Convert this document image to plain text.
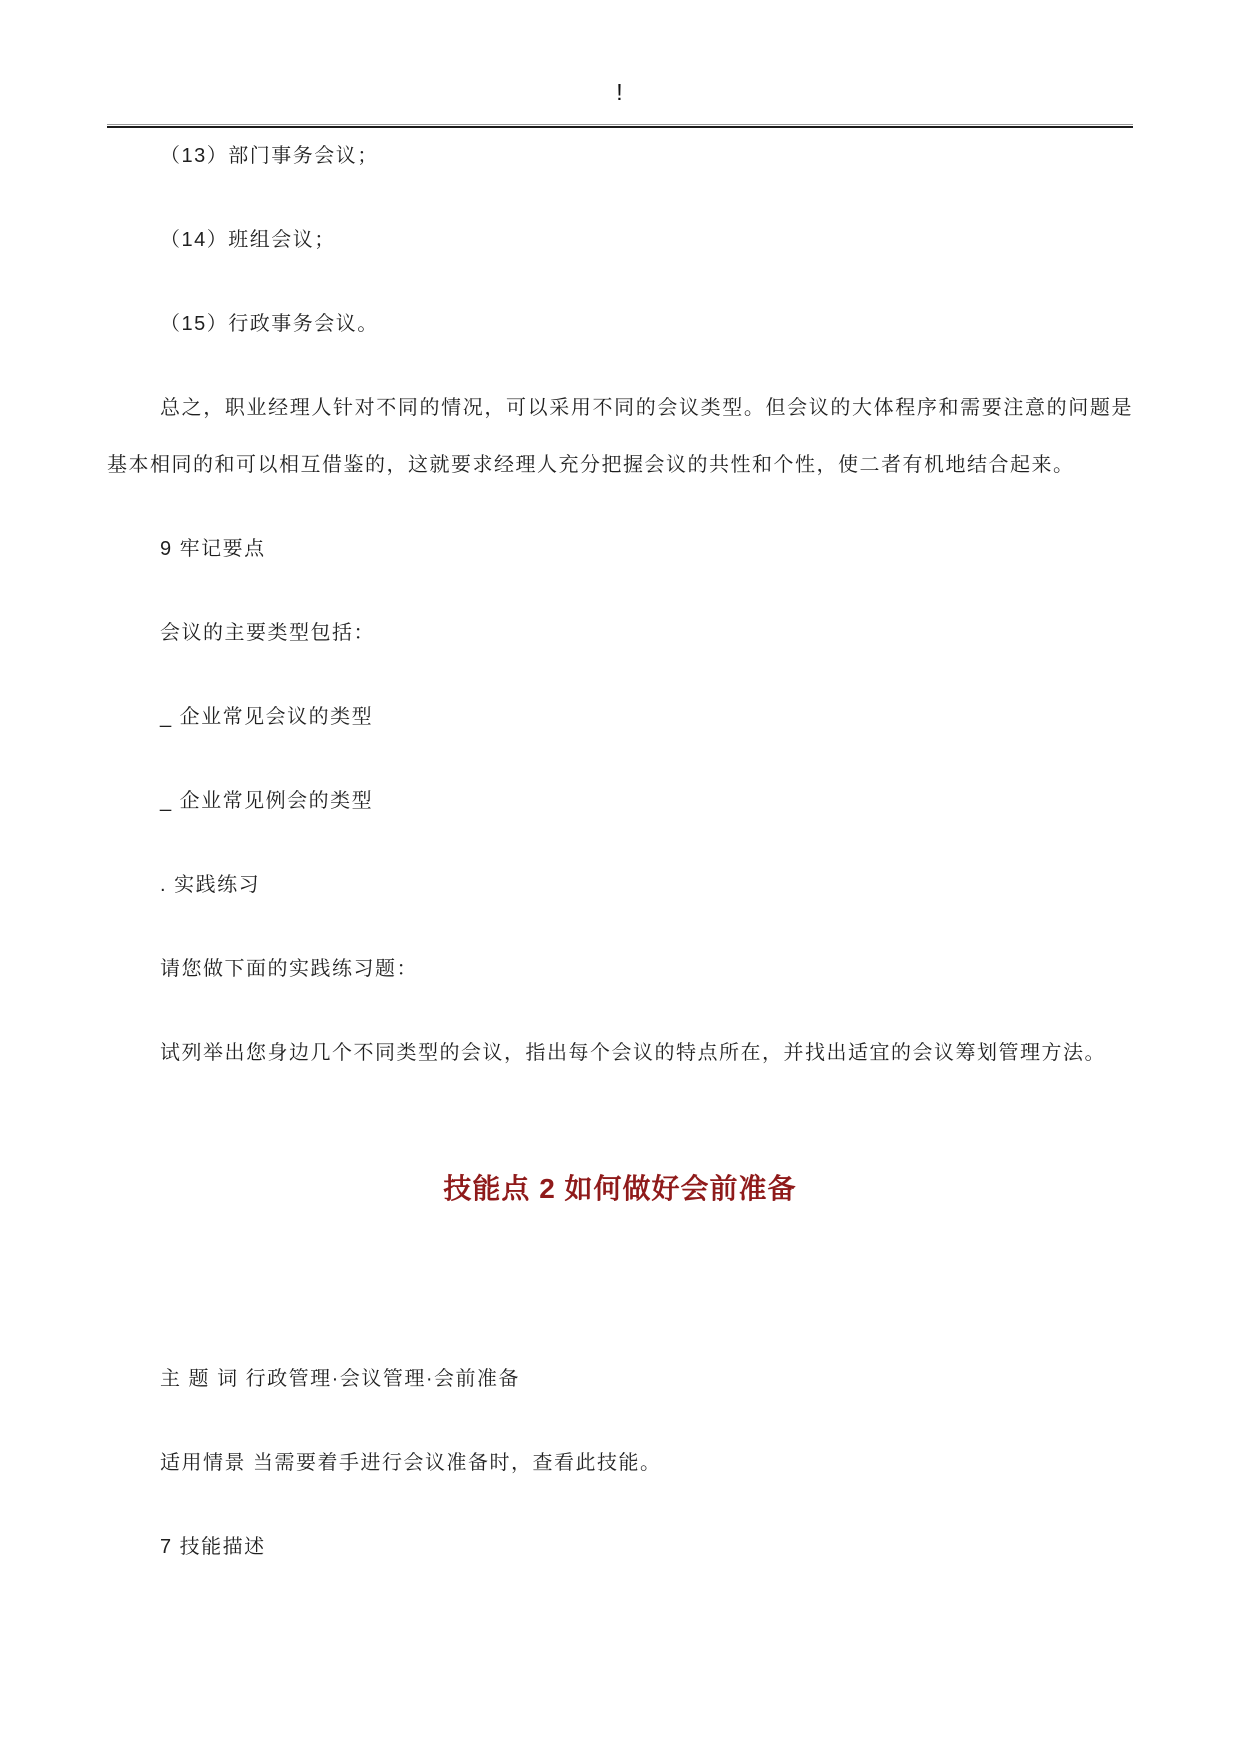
!

（13）部门事务会议；

（14）班组会议；

（15）行政事务会议。

总之，职业经理人针对不同的情况，可以采用不同的会议类型。但会议的大体程序和需要注意的问题是基本相同的和可以相互借鉴的，这就要求经理人充分把握会议的共性和个性，使二者有机地结合起来。

9 牢记要点

会议的主要类型包括：

_ 企业常见会议的类型

_ 企业常见例会的类型

. 实践练习

请您做下面的实践练习题：

试列举出您身边几个不同类型的会议，指出每个会议的特点所在，并找出适宜的会议筹划管理方法。

技能点 2 如何做好会前准备

主 题 词 行政管理·会议管理·会前准备

适用情景 当需要着手进行会议准备时，查看此技能。

7 技能描述
